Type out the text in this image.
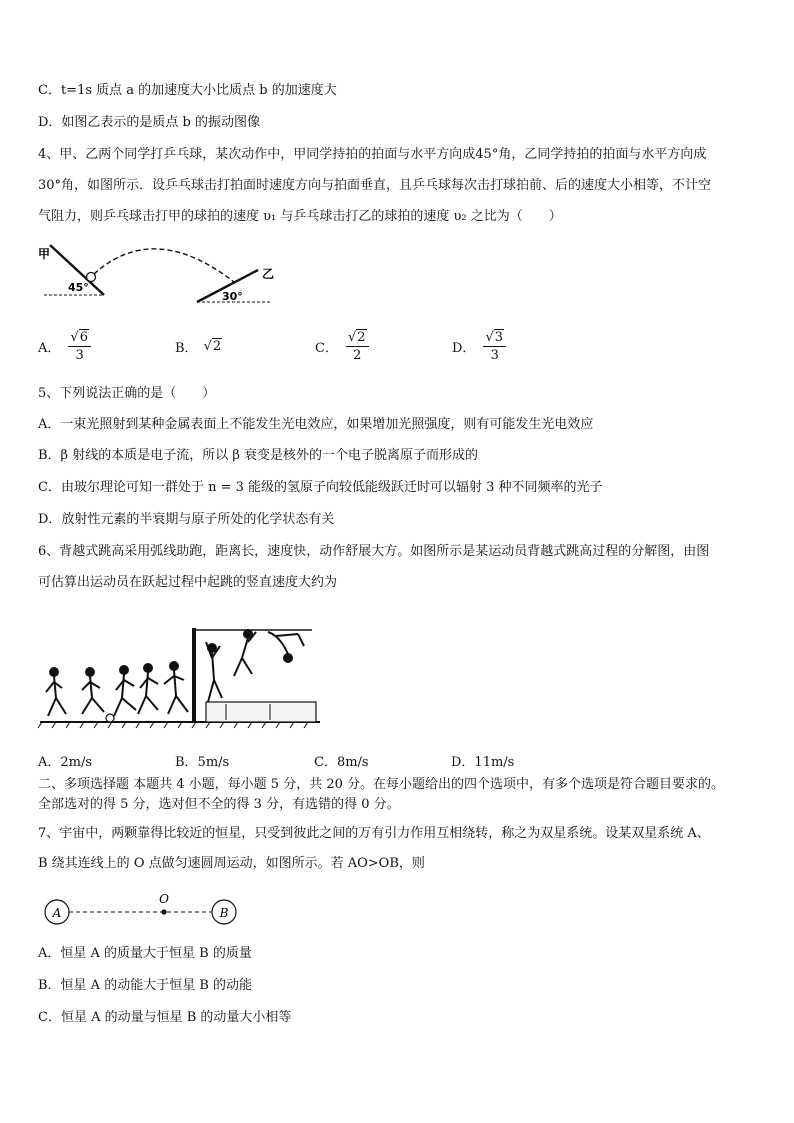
C．t=1s 质点 a 的加速度大小比质点 b 的加速度大
D．如图乙表示的是质点 b 的振动图像
4、甲、乙两个同学打乒乓球，某次动作中，甲同学持拍的拍面与水平方向成45°角，乙同学持拍的拍面与水平方向成
30°角，如图所示．设乒乓球击打拍面时速度方向与拍面垂直，且乒乓球每次击打球拍前、后的速度大小相等，不计空
气阻力，则乒乓球击打甲的球拍的速度 υ₁ 与乒乓球击打乙的球拍的速度 υ₂ 之比为（　　）
甲
45°
乙
30°
A． $\frac{√6}{3}$	B． √2	C． $\frac{√2}{2}$	D． $\frac{√3}{3}$
5、下列说法正确的是（　　）
A．一束光照射到某种金属表面上不能发生光电效应，如果增加光照强度，则有可能发生光电效应
B．β 射线的本质是电子流，所以 β 衰变是核外的一个电子脱离原子而形成的
C．由玻尔理论可知一群处于 n = 3 能级的氢原子向较低能级跃迁时可以辐射 3 种不同频率的光子
D．放射性元素的半衰期与原子所处的化学状态有关
6、背越式跳高采用弧线助跑，距离长，速度快，动作舒展大方。如图所示是某运动员背越式跳高过程的分解图，由图
可估算出运动员在跃起过程中起跳的竖直速度大约为
A．2m/s	B．5m/s	C．8m/s	D．11m/s
二、多项选择题 本题共 4 小题，每小题 5 分，共 20 分。在每小题给出的四个选项中，有多个选项是符合题目要求的。
全部选对的得 5 分，选对但不全的得 3 分，有选错的得 0 分。
7、宇宙中，两颗靠得比较近的恒星，只受到彼此之间的万有引力作用互相绕转，称之为双星系统。设某双星系统 A、
B 绕其连线上的 O 点做匀速圆周运动，如图所示。若 AO>OB，则
A
O
B
A．恒星 A 的质量大于恒星 B 的质量
B．恒星 A 的动能大于恒星 B 的动能
C．恒星 A 的动量与恒星 B 的动量大小相等
